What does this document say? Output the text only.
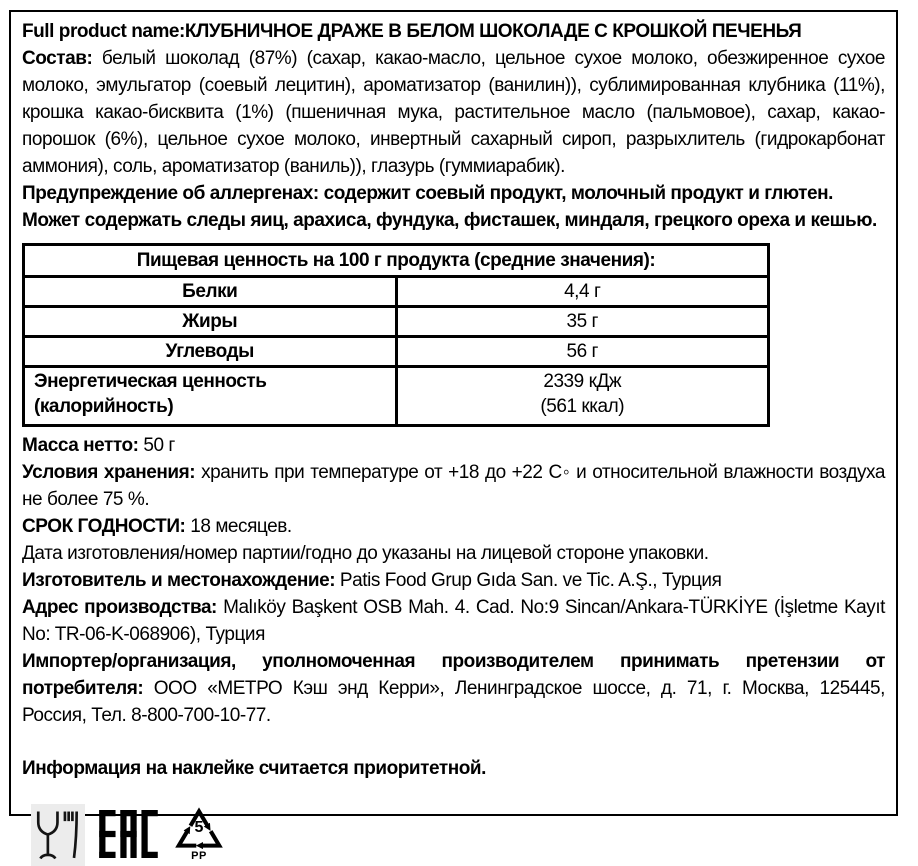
Full product name:КЛУБНИЧНОЕ ДРАЖЕ В БЕЛОМ ШОКОЛАДЕ С КРОШКОЙ ПЕЧЕНЬЯ

Состав: белый шоколад (87%) (сахар, какао-масло, цельное сухое молоко, обезжиренное сухое молоко, эмульгатор (соевый лецитин), ароматизатор (ванилин)), сублимированная клубника (11%), крошка какао-бисквита (1%) (пшеничная мука, растительное масло (пальмовое), сахар, какао-порошок (6%), цельное сухое молоко, инвертный сахарный сироп, разрыхлитель (гидрокарбонат аммония), соль, ароматизатор (ваниль)), глазурь (гуммиарабик).

Предупреждение об аллергенах: содержит соевый продукт, молочный продукт и глютен.

Может содержать следы яиц, арахиса, фундука, фисташек, миндаля, грецкого ореха и кешью.

Пищевая ценность на 100 г продукта (средние значения):	
Белки	4,4 г
Жиры	35 г
Углеводы	56 г
Энергетическая ценность (калорийность)	2339 кДж
(561 ккал)

Масса нетто: 50 г

Условия хранения: хранить при температуре от +18 до +22 С◦ и относительной влажности воздуха не более 75 %.

СРОК ГОДНОСТИ: 18 месяцев.

Дата изготовления/номер партии/годно до указаны на лицевой стороне упаковки.

Изготовитель и местонахождение: Patis Food Grup Gıda San. ve Tic. A.Ş., Турция

Адрес производства: Malıköy Başkent OSB Mah. 4. Cad. No:9 Sincan/Ankara-TÜRKİYE (İşletme Kayıt No: TR-06-K-068906), Турция

Импортер/организация, уполномоченная производителем принимать претензии от потребителя: ООО «МЕТРО Кэш энд Керри», Ленинградское шоссе, д. 71, г. Москва, 125445, Россия, Тел. 8-800-700-10-77.

Информация на наклейке считается приоритетной.

5
PP
